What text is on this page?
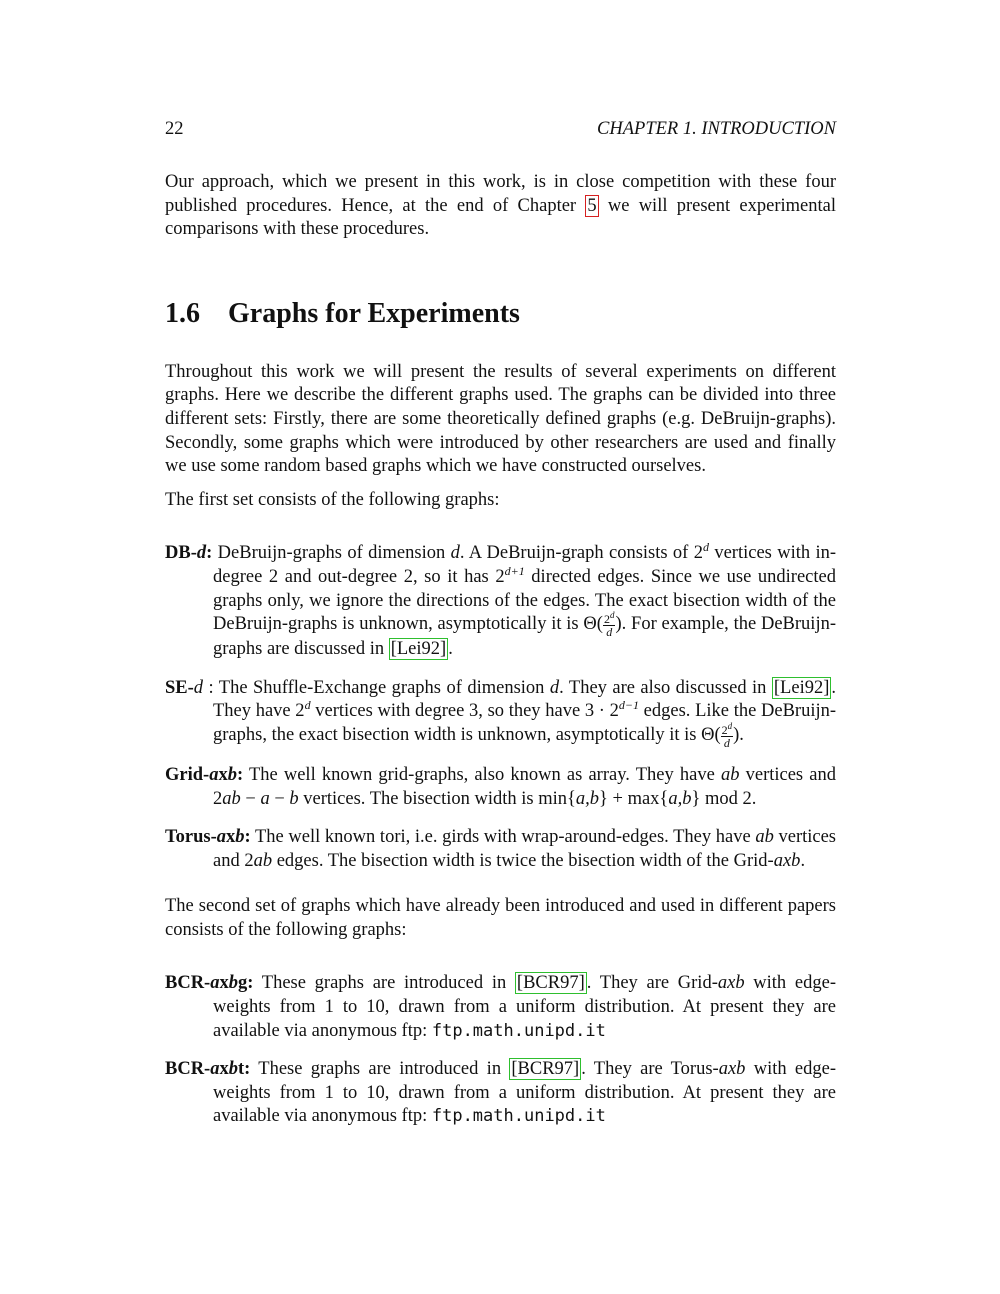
22	CHAPTER 1. INTRODUCTION

Our approach, which we present in this work, is in close competition with these four published procedures. Hence, at the end of Chapter 5 we will present experimental comparisons with these procedures.

1.6 Graphs for Experiments

Throughout this work we will present the results of several experiments on different graphs. Here we describe the different graphs used. The graphs can be divided into three different sets: Firstly, there are some theoretically defined graphs (e.g. DeBruijn-graphs). Secondly, some graphs which were introduced by other researchers are used and finally we use some random based graphs which we have constructed ourselves.

The first set consists of the following graphs:

DB-d: DeBruijn-graphs of dimension d. A DeBruijn-graph consists of 2$^d$ vertices with in-degree 2 and out-degree 2, so it has $2^{d+1}$ directed edges. Since we use undirected graphs only, we ignore the directions of the edges. The exact bisection width of the DeBruijn-graphs is unknown, asymptotically it is $\Theta( \frac{2^d}{d}$ ). For example, the DeBruijn-graphs are discussed in [Lei92] .
SE-d : The Shuffle-Exchange graphs of dimension d. They are also discussed in [Lei92] . They have 2$^d$ vertices with degree 3, so they have $3 \cdot 2^{d-1}$ edges. Like the DeBruijn-graphs, the exact bisection width is unknown, asymptotically it is $\Theta( \frac{2^d}{d}$ ).
Grid-axb: The well known grid-graphs, also known as array. They have ab vertices and 2ab − a − b vertices. The bisection width is min{a,b} + max{a,b} mod 2.
Torus-axb: The well known tori, i.e. girds with wrap-around-edges. They have ab vertices and 2ab edges. The bisection width is twice the bisection width of the Grid-axb.

The second set of graphs which have already been introduced and used in different papers consists of the following graphs:

BCR-axbg: These graphs are introduced in [BCR97] . They are Grid-axb with edge-weights from 1 to 10, drawn from a uniform distribution. At present they are available via anonymous ftp: ftp.math.unipd.it
BCR-axbt: These graphs are introduced in [BCR97] . They are Torus-axb with edge-weights from 1 to 10, drawn from a uniform distribution. At present they are available via anonymous ftp: ftp.math.unipd.it
